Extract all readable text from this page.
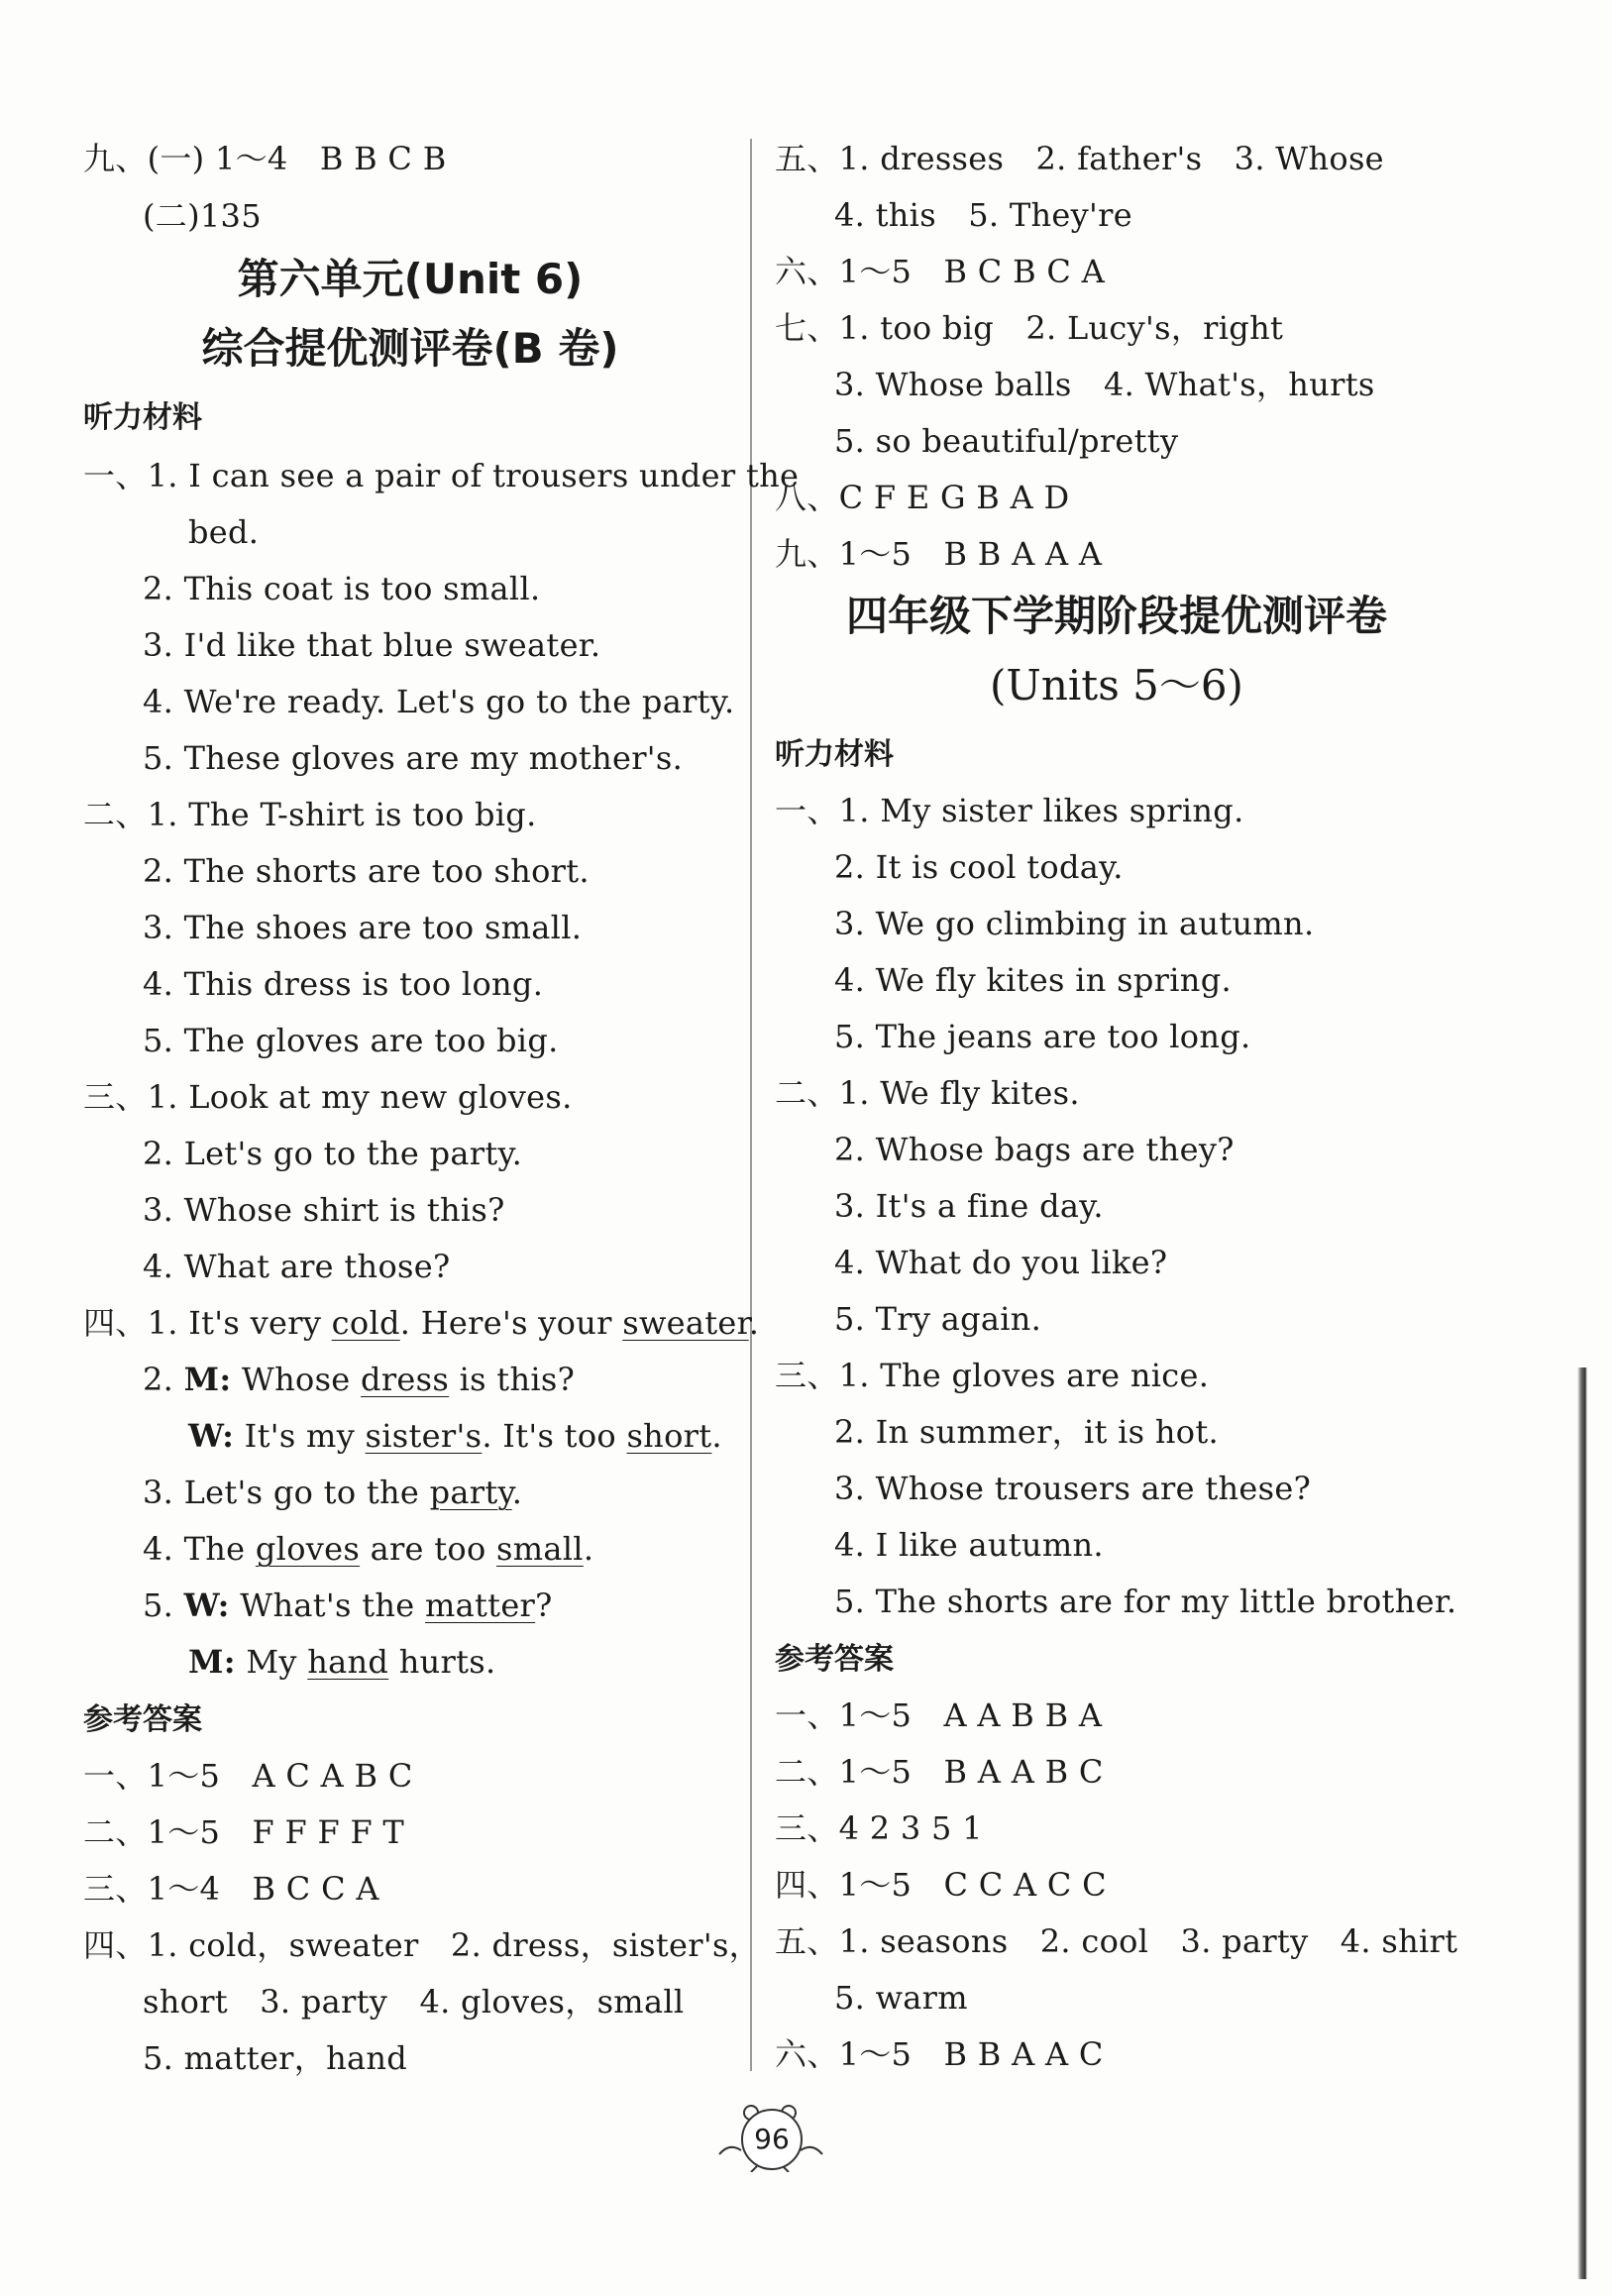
九、(一) 1～4　B B C B
(二)135
第六单元(Unit 6)
综合提优测评卷(B 卷)
听力材料
一、1. I can see a pair of trousers under the
bed.
2. This coat is too small.
3. I'd like that blue sweater.
4. We're ready. Let's go to the party.
5. These gloves are my mother's.
二、1. The T-shirt is too big.
2. The shorts are too short.
3. The shoes are too small.
4. This dress is too long.
5. The gloves are too big.
三、1. Look at my new gloves.
2. Let's go to the party.
3. Whose shirt is this?
4. What are those?
四、1. It's very cold. Here's your sweater.
2. M: Whose dress is this?
W: It's my sister's. It's too short.
3. Let's go to the party.
4. The gloves are too small.
5. W: What's the matter?
M: My hand hurts.
参考答案
一、1～5　A C A B C
二、1～5　F F F F T
三、1～4　B C C A
四、1. cold，sweater　2. dress，sister's，
short　3. party　4. gloves，small
5. matter，hand
五、1. dresses　2. father's　3. Whose
4. this　5. They're
六、1～5　B C B C A
七、1. too big　2. Lucy's，right
3. Whose balls　4. What's，hurts
5. so beautiful/pretty
八、C F E G B A D
九、1～5　B B A A A
四年级下学期阶段提优测评卷
(Units 5～6)
听力材料
一、1. My sister likes spring.
2. It is cool today.
3. We go climbing in autumn.
4. We fly kites in spring.
5. The jeans are too long.
二、1. We fly kites.
2. Whose bags are they?
3. It's a fine day.
4. What do you like?
5. Try again.
三、1. The gloves are nice.
2. In summer，it is hot.
3. Whose trousers are these?
4. I like autumn.
5. The shorts are for my little brother.
参考答案
一、1～5　A A B B A
二、1～5　B A A B C
三、4 2 3 5 1
四、1～5　C C A C C
五、1. seasons　2. cool　3. party　4. shirt
5. warm
六、1～5　B B A A C
96
